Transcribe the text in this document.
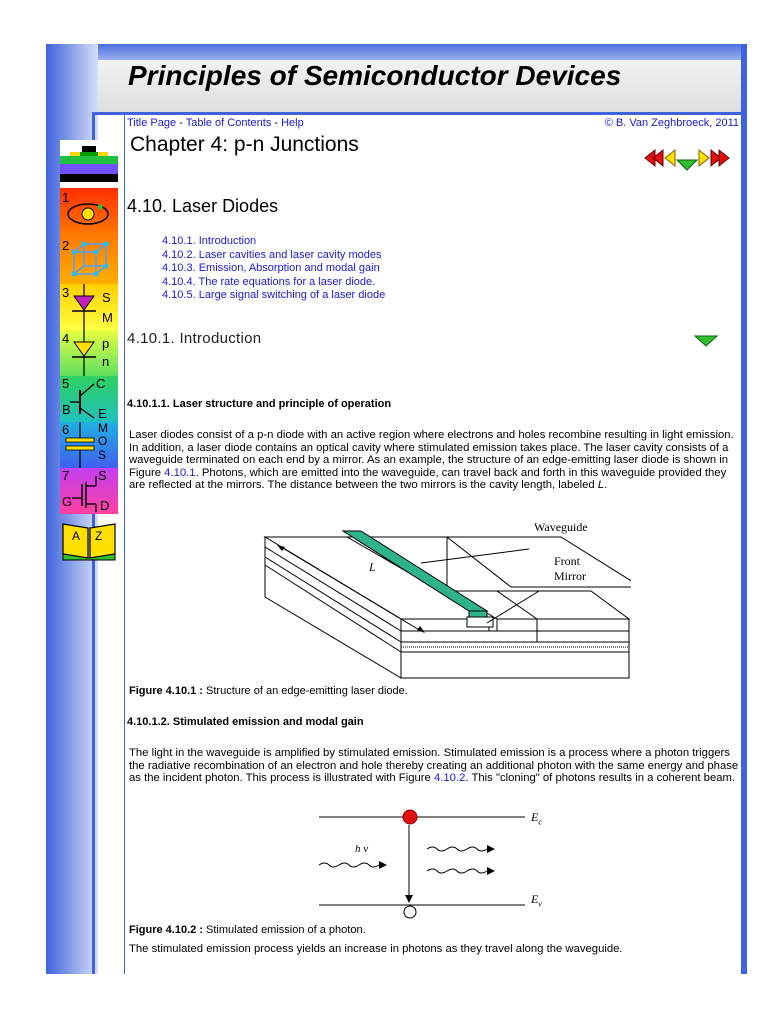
Principles of Semiconductor Devices
1
2
3	S
M
4	p
n
5 C
B E
6 M
O
S
7 S
G D
A Z
Title Page - Table of Contents - Help	© B. Van Zeghbroeck, 2011
Chapter 4: p-n Junctions
4.10. Laser Diodes
4.10.1. Introduction
4.10.2. Laser cavities and laser cavity modes
4.10.3. Emission, Absorption and modal gain
4.10.4. The rate equations for a laser diode.
4.10.5. Large signal switching of a laser diode
4.10.1. Introduction
4.10.1.1. Laser structure and principle of operation
Laser diodes consist of a p-n diode with an active region where electrons and holes recombine resulting in light emission. In addition, a laser diode contains an optical cavity where stimulated emission takes place. The laser cavity consists of a waveguide terminated on each end by a mirror. As an example, the structure of an edge-emitting laser diode is shown in Figure 4.10.1. Photons, which are emitted into the waveguide, can travel back and forth in this waveguide provided they are reflected at the mirrors. The distance between the two mirrors is the cavity length, labeled L.
Waveguide
Front
Mirror
L
Figure 4.10.1 : Structure of an edge-emitting laser diode.
4.10.1.2. Stimulated emission and modal gain
The light in the waveguide is amplified by stimulated emission. Stimulated emission is a process where a photon triggers the radiative recombination of an electron and hole thereby creating an additional photon with the same energy and phase as the incident photon. This process is illustrated with Figure 4.10.2. This "cloning" of photons results in a coherent beam.
h ν
$E_c$
$E_v$
Figure 4.10.2 : Stimulated emission of a photon.
The stimulated emission process yields an increase in photons as they travel along the waveguide.
